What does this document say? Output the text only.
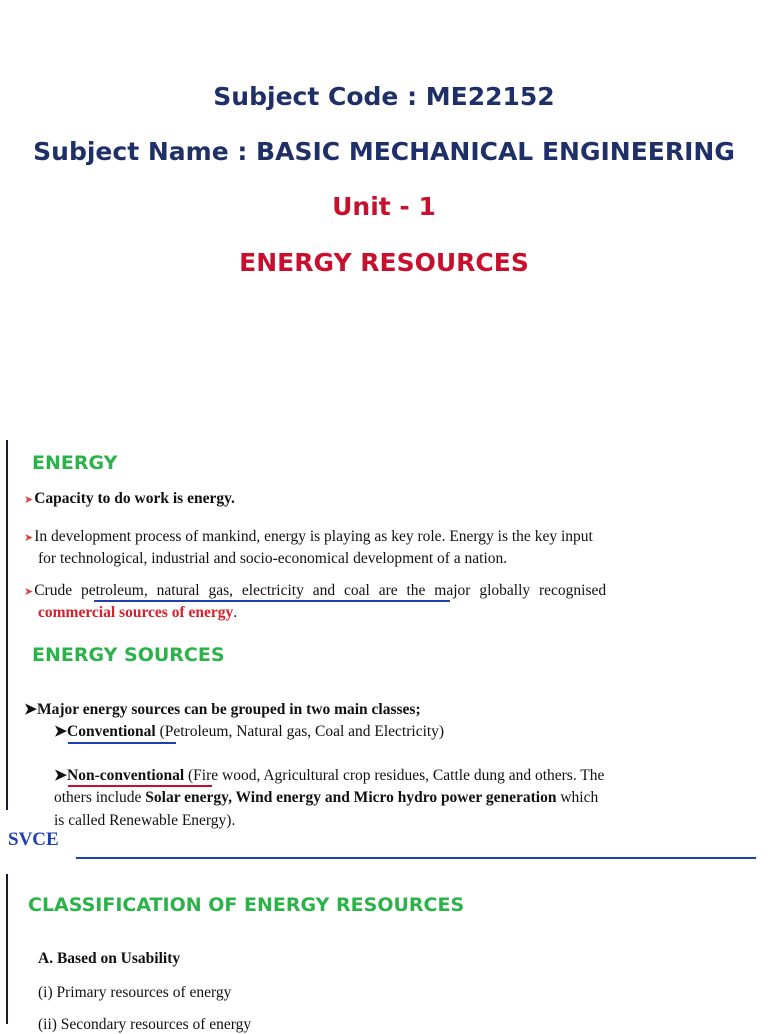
Subject Code : ME22152
Subject Name : BASIC MECHANICAL ENGINEERING
Unit - 1
ENERGY RESOURCES
ENERGY
➤Capacity to do work is energy.
➤In development process of mankind, energy is playing as key role. Energy is the key input
for technological, industrial and socio-economical development of a nation.
➤Crude petroleum, natural gas, electricity and coal are the major globally recognised
commercial sources of energy.
ENERGY SOURCES
➤Major energy sources can be grouped in two main classes;
➤Conventional (Petroleum, Natural gas, Coal and Electricity)
➤Non-conventional (Fire wood, Agricultural crop residues, Cattle dung and others. The
others include Solar energy, Wind energy and Micro hydro power generation which
is called Renewable Energy).
SVCE
CLASSIFICATION OF ENERGY RESOURCES
A. Based on Usability
(i) Primary resources of energy
(ii) Secondary resources of energy
